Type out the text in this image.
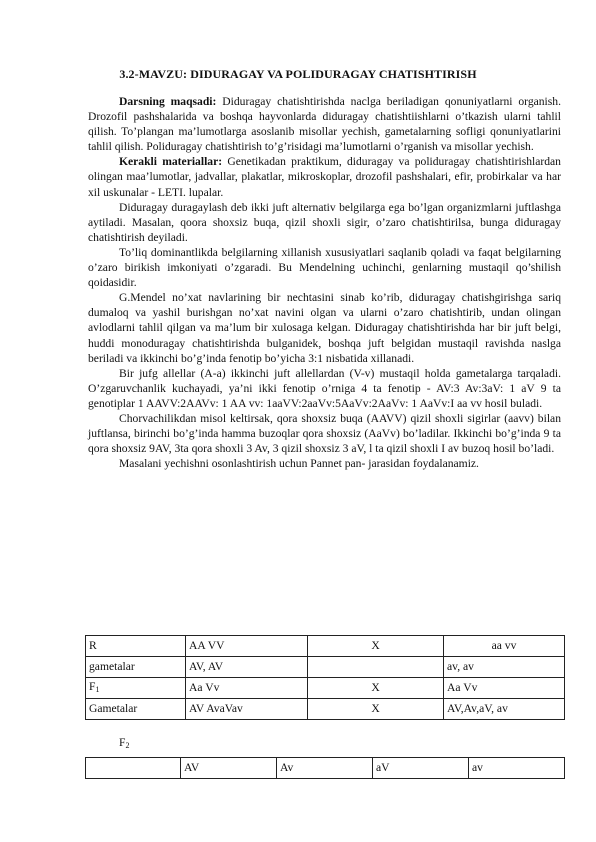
3.2-MAVZU: DIDURAGAY VA POLIDURAGAY CHATISHTIRISH

Darsning maqsadi: Diduragay chatishtirishda naclga beriladigan qonuniyatlarni organish. Drozofil pashshalarida va boshqa hayvonlarda diduragay chatishtiishlarni o’tkazish ularni tahlil qilish. To’plangan ma’lumotlarga asoslanib misollar yechish, gametalarning sofligi qonuniyatlarini tahlil qilish. Poliduragay chatishtirish to’g’risidagi ma’lumotlarni o’rganish va misollar yechish.

Kerakli materiallar: Genetikadan praktikum, diduragay va poliduragay chatishtirishlardan olingan maa’lumotlar, jadvallar, plakatlar, mikroskoplar, drozofil pashshalari, efir, probirkalar va har xil uskunalar - LETI. lupalar.

Diduragay duragaylash deb ikki juft alternativ belgilarga ega bo’lgan organizmlarni juftlashga aytiladi. Masalan, qoora shoxsiz buqa, qizil shoxli sigir, o’zaro chatishtirilsa, bunga diduragay chatishtirish deyiladi.

To’liq dominantlikda belgilarning xillanish xususiyatlari saqlanib qoladi va faqat belgilarning o’zaro birikish imkoniyati o’zgaradi. Bu Mendelning uchinchi, genlarning mustaqil qo’shilish qoidasidir.

G.Mendel no’xat navlarining bir nechtasini sinab ko’rib, diduragay chatishgirishga sariq dumaloq va yashil burishgan no’xat navini olgan va ularni o’zaro chatishtirib, undan olingan avlodlarni tahlil qilgan va ma’lum bir xulosaga kelgan. Diduragay chatishtirishda har bir juft belgi, huddi monoduragay chatishtirishda bulganidek, boshqa juft belgidan mustaqil ravishda naslga beriladi va ikkinchi bo’g’inda fenotip bo’yicha 3:1 nisbatida xillanadi.

Bir jufg allellar (A-a) ikkinchi juft allellardan (V-v) mustaqil holda gametalarga tarqaladi. O’zgaruvchanlik kuchayadi, ya’ni ikki fenotip o’rniga 4 ta fenotip - AV:3 Av:3aV: 1 aV 9 ta genotiplar 1 AAVV:2AAVv: 1 AA vv: 1aaVV:2aaVv:5AaVv:2AaVv: 1 AaVv:I aa vv hosil buladi.

Chorvachilikdan misol keltirsak, qora shoxsiz buqa (AAVV) qizil shoxli sigirlar (aavv) bilan juftlansa, birinchi bo’g’inda hamma buzoqlar qora shoxsiz (AaVv) bo’ladilar. Ikkinchi bo’g’inda 9 ta qora shoxsiz 9AV, 3ta qora shoxli 3 Av, 3 qizil shoxsiz 3 aV, l ta qizil shoxli I av buzoq hosil bo’ladi.

Masalani yechishni osonlashtirish uchun Pannet pan- jarasidan foydalanamiz.

R	AA VV	X	aa vv
gametalar	AV, AV		av, av
$F_1$	Aa Vv	X	Aa Vv
Gametalar	AV AvaVav	X	AV,Av,aV, av
$F_2$
	AV	Av	aV	av
